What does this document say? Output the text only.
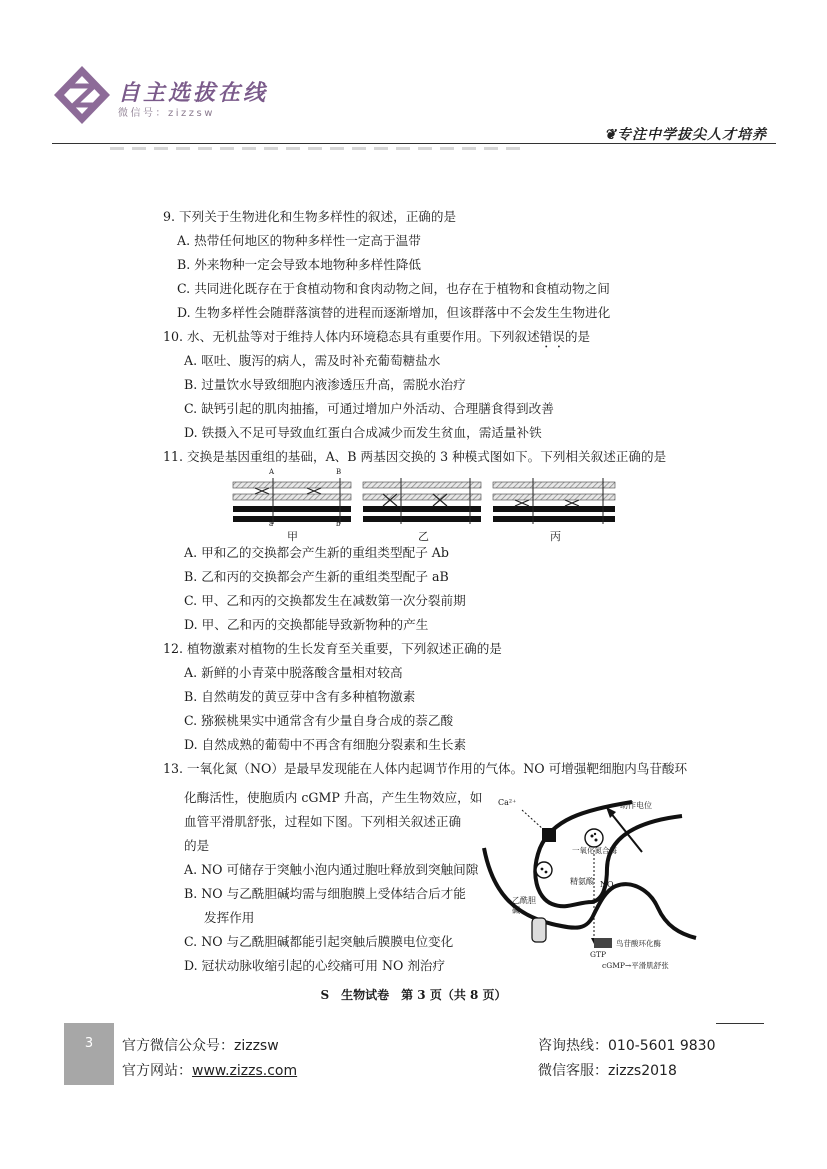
自主选拔在线
微信号：zizzsw
❦专注中学拔尖人才培养
9. 下列关于生物进化和生物多样性的叙述，正确的是
A. 热带任何地区的物种多样性一定高于温带
B. 外来物种一定会导致本地物种多样性降低
C. 共同进化既存在于食植动物和食肉动物之间，也存在于植物和食植动物之间
D. 生物多样性会随群落演替的进程而逐渐增加，但该群落中不会发生生物进化
10. 水、无机盐等对于维持人体内环境稳态具有重要作用。下列叙述错误的是
A. 呕吐、腹泻的病人，需及时补充葡萄糖盐水
B. 过量饮水导致细胞内液渗透压升高，需脱水治疗
C. 缺钙引起的肌肉抽搐，可通过增加户外活动、合理膳食得到改善
D. 铁摄入不足可导致血红蛋白合成减少而发生贫血，需适量补铁
11. 交换是基因重组的基础，A、B 两基因交换的 3 种模式图如下。下列相关叙述正确的是
A	B
a	b
甲	乙	丙
A. 甲和乙的交换都会产生新的重组类型配子 Ab
B. 乙和丙的交换都会产生新的重组类型配子 aB
C. 甲、乙和丙的交换都发生在减数第一次分裂前期
D. 甲、乙和丙的交换都能导致新物种的产生
12. 植物激素对植物的生长发育至关重要，下列叙述正确的是
A. 新鲜的小青菜中脱落酸含量相对较高
B. 自然萌发的黄豆芽中含有多种植物激素
C. 猕猴桃果实中通常含有少量自身合成的萘乙酸
D. 自然成熟的葡萄中不再含有细胞分裂素和生长素
13. 一氧化氮（NO）是最早发现能在人体内起调节作用的气体。NO 可增强靶细胞内鸟苷酸环
化酶活性，使胞质内 cGMP 升高，产生生物效应，如
血管平滑肌舒张，过程如下图。下列相关叙述正确
的是
A. NO 可储存于突触小泡内通过胞吐释放到突触间隙
B. NO 与乙酰胆碱均需与细胞膜上受体结合后才能
发挥作用
C. NO 与乙酰胆碱都能引起突触后膜膜电位变化
D. 冠状动脉收缩引起的心绞痛可用 NO 剂治疗
Ca²⁺	动作电位
一氧化氮合酶
精氨酸 NO
乙酰胆碱
鸟苷酸环化酶
GTP
cGMP→平滑肌舒张
S　生物试卷　第 3 页（共 8 页）
3	官方微信公众号：zizzsw
官方网站：www.zizzs.com
咨询热线：010-5601 9830
微信客服：zizzs2018
